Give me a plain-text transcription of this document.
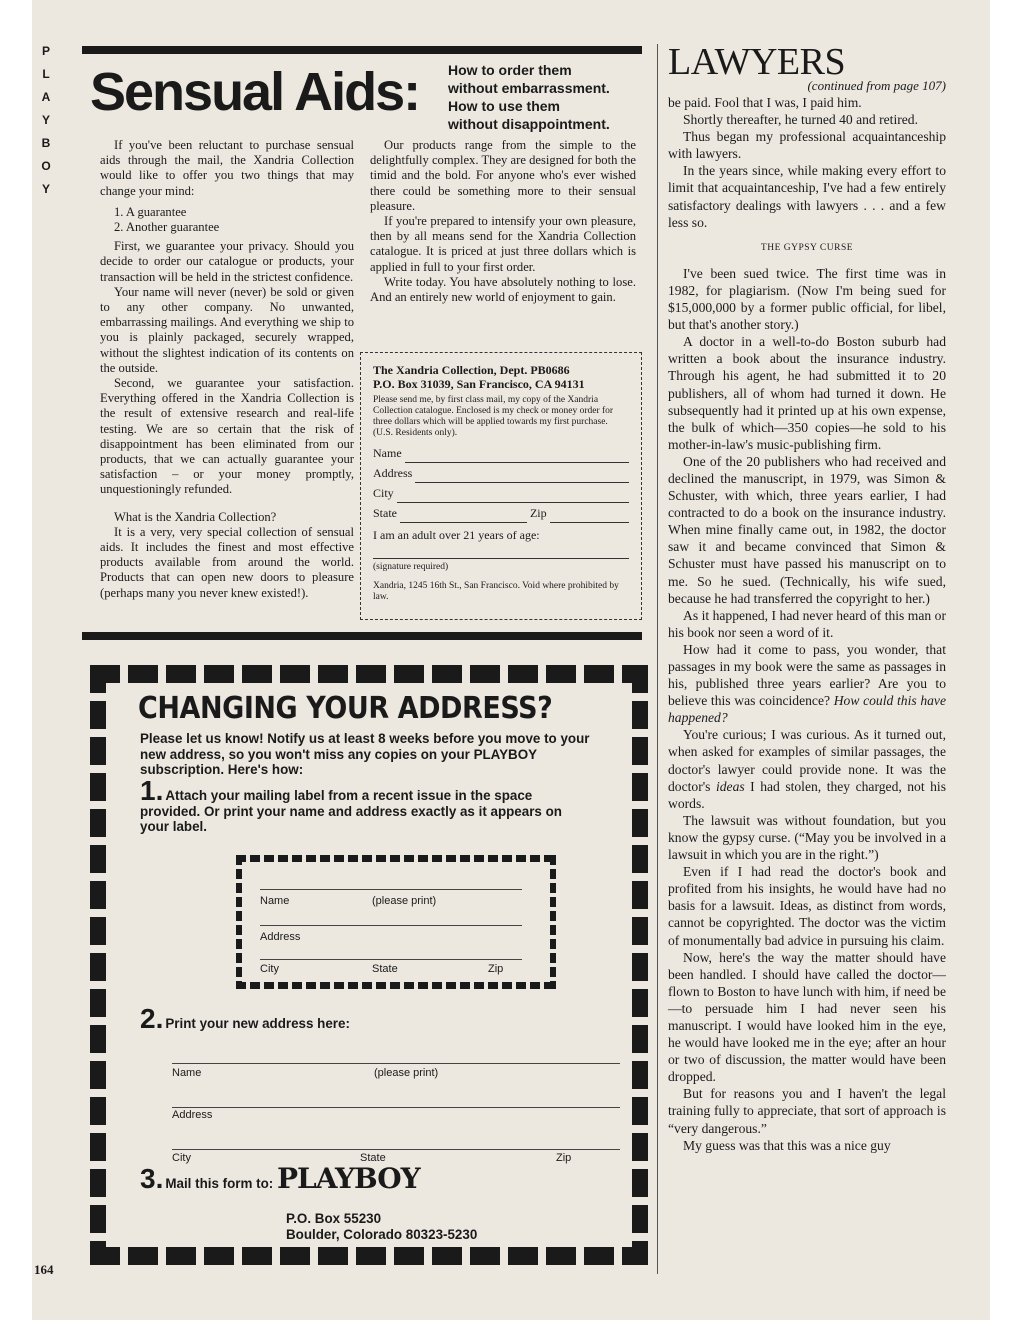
P
L
A
Y
B
O
Y
164
Sensual Aids: How to order them
without embarrassment.
How to use them
without disappointment.

If you've been reluctant to purchase sensual aids through the mail, the Xandria Collection would like to offer you two things that may change your mind:

1. A guarantee

2. Another guarantee

First, we guarantee your privacy. Should you decide to order our catalogue or products, your transaction will be held in the strictest confidence.

Your name will never (never) be sold or given to any other company. No unwanted, embarrassing mailings. And everything we ship to you is plainly packaged, securely wrapped, without the slightest indication of its contents on the outside.

Second, we guarantee your satisfaction. Everything offered in the Xandria Collection is the result of extensive research and real-life testing. We are so certain that the risk of disappointment has been eliminated from our products, that we can actually guarantee your satisfaction – or your money promptly, unquestioningly refunded.

What is the Xandria Collection?

It is a very, very special collection of sensual aids. It includes the finest and most effective products available from around the world. Products that can open new doors to pleasure (perhaps many you never knew existed!).

Our products range from the simple to the delightfully complex. They are designed for both the timid and the bold. For anyone who's ever wished there could be something more to their sensual pleasure.

If you're prepared to intensify your own pleasure, then by all means send for the Xandria Collection catalogue. It is priced at just three dollars which is applied in full to your first order.

Write today. You have absolutely nothing to lose. And an entirely new world of enjoyment to gain.

The Xandria Collection, Dept. PB0686
P.O. Box 31039, San Francisco, CA 94131
Please send me, by first class mail, my copy of the Xandria Collection catalogue. Enclosed is my check or money order for three dollars which will be applied towards my first purchase. (U.S. Residents only).
Name
Address
City
State	Zip
I am an adult over 21 years of age:
(signature required)
Xandria, 1245 16th St., San Francisco. Void where prohibited by law.
CHANGING YOUR ADDRESS?
Please let us know! Notify us at least 8 weeks before you move to your new address, so you won't miss any copies on your PLAYBOY subscription. Here's how:
1. Attach your mailing label from a recent issue in the space provided. Or print your name and address exactly as it appears on your label.
Name	(please print)
Address
City	State	Zip
2. Print your new address here:
Name	(please print)
Address
City	State	Zip
3. Mail this form to: PLAYBOY
P.O. Box 55230
Boulder, Colorado 80323-5230
LAWYERS
(continued from page 107)

be paid. Fool that I was, I paid him.

Shortly thereafter, he turned 40 and retired.

Thus began my professional acquaintanceship with lawyers.

In the years since, while making every effort to limit that acquaintanceship, I've had a few entirely satisfactory dealings with lawyers . . . and a few less so.

THE GYPSY CURSE

I've been sued twice. The first time was in 1982, for plagiarism. (Now I'm being sued for $15,000,000 by a former public official, for libel, but that's another story.)

A doctor in a well-to-do Boston suburb had written a book about the insurance industry. Through his agent, he had submitted it to 20 publishers, all of whom had turned it down. He subsequently had it printed up at his own expense, the bulk of which—350 copies—he sold to his mother-in-law's music-publishing firm.

One of the 20 publishers who had received and declined the manuscript, in 1979, was Simon & Schuster, with which, three years earlier, I had contracted to do a book on the insurance industry. When mine finally came out, in 1982, the doctor saw it and became convinced that Simon & Schuster must have passed his manuscript on to me. So he sued. (Technically, his wife sued, because he had transferred the copyright to her.)

As it happened, I had never heard of this man or his book nor seen a word of it.

How had it come to pass, you wonder, that passages in my book were the same as passages in his, published three years earlier? Are you to believe this was coincidence? How could this have happened?

You're curious; I was curious. As it turned out, when asked for examples of similar passages, the doctor's lawyer could provide none. It was the doctor's ideas I had stolen, they charged, not his words.

The lawsuit was without foundation, but you know the gypsy curse. (“May you be involved in a lawsuit in which you are in the right.”)

Even if I had read the doctor's book and profited from his insights, he would have had no basis for a lawsuit. Ideas, as distinct from words, cannot be copyrighted. The doctor was the victim of monumentally bad advice in pursuing his claim.

Now, here's the way the matter should have been handled. I should have called the doctor—flown to Boston to have lunch with him, if need be—to persuade him I had never seen his manuscript. I would have looked him in the eye, he would have looked me in the eye; after an hour or two of discussion, the matter would have been dropped.

But for reasons you and I haven't the legal training fully to appreciate, that sort of approach is “very dangerous.”

My guess was that this was a nice guy
